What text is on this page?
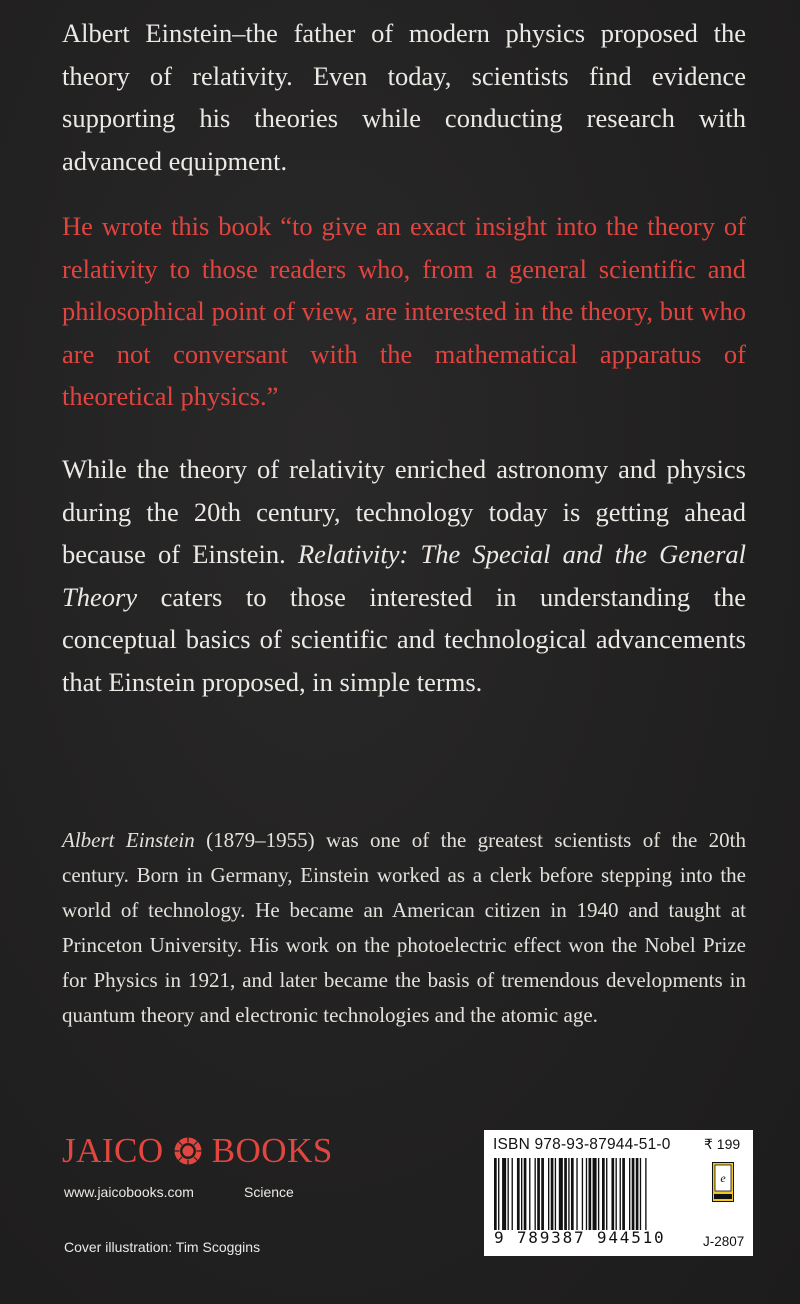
Albert Einstein–the father of modern physics proposed the theory of relativity. Even today, scientists find evidence supporting his theories while conducting research with advanced equipment.

He wrote this book “to give an exact insight into the theory of relativity to those readers who, from a general scientific and philosophical point of view, are interested in the theory, but who are not conversant with the mathematical apparatus of theoretical physics.”

While the theory of relativity enriched astronomy and physics during the 20th century, technology today is getting ahead because of Einstein. Relativity: The Special and the General Theory caters to those interested in understanding the conceptual basics of scientific and technological advancements that Einstein proposed, in simple terms.

Albert Einstein (1879–1955) was one of the greatest scientists of the 20th century. Born in Germany, Einstein worked as a clerk before stepping into the world of technology. He became an American citizen in 1940 and taught at Princeton University. His work on the photoelectric effect won the Nobel Prize for Physics in 1921, and later became the basis of tremendous developments in quantum theory and electronic technologies and the atomic age.

JAICO BOOKS
www.jaicobooks.com	Science
Cover illustration: Tim Scoggins
ISBN 978-93-87944-51-0 ₹ 199
9 789387 944510
e
J-2807
